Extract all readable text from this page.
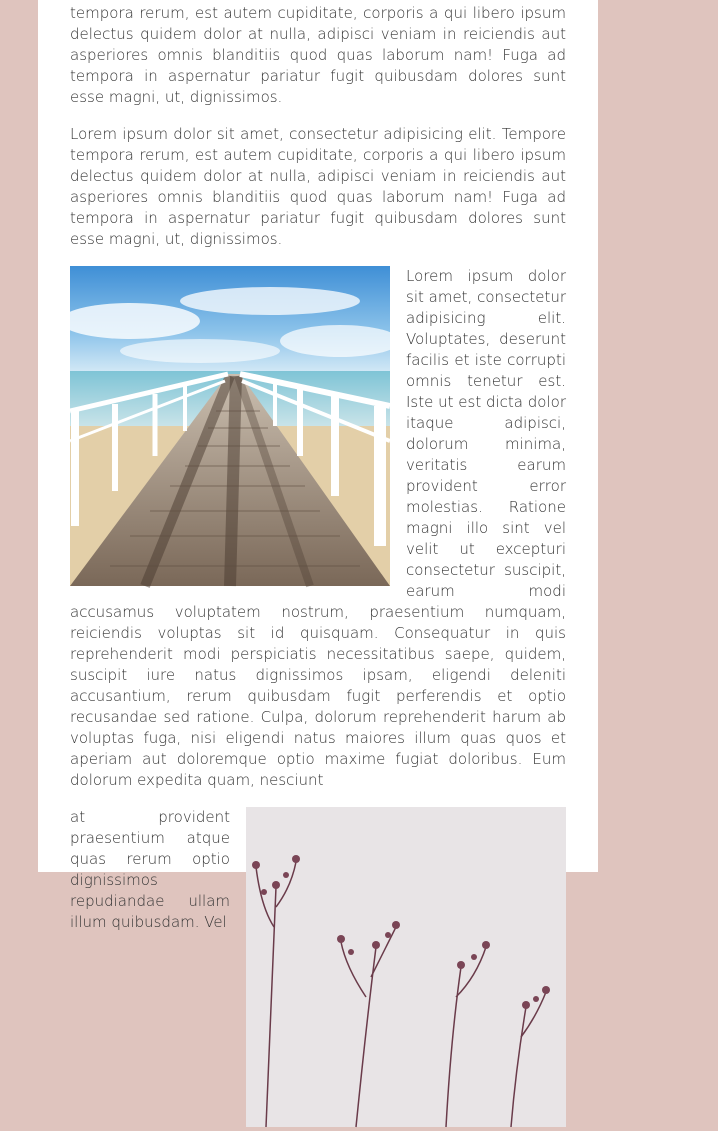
tempora rerum, est autem cupiditate, corporis a qui libero ipsum delectus quidem dolor at nulla, adipisci veniam in reiciendis aut asperiores omnis blanditiis quod quas laborum nam! Fuga ad tempora in aspernatur pariatur fugit quibusdam dolores sunt esse magni, ut, dignissimos.

Lorem ipsum dolor sit amet, consectetur adipisicing elit. Tempore tempora rerum, est autem cupiditate, corporis a qui libero ipsum delectus quidem dolor at nulla, adipisci veniam in reiciendis aut asperiores omnis blanditiis quod quas laborum nam! Fuga ad tempora in aspernatur pariatur fugit quibusdam dolores sunt esse magni, ut, dignissimos.

Lorem ipsum dolor sit amet, consectetur adipisicing elit. Voluptates, deserunt facilis et iste corrupti omnis tenetur est. Iste ut est dicta dolor itaque adipisci, dolorum minima, veritatis earum provident error molestias. Ratione magni illo sint vel velit ut excepturi consectetur suscipit, earum modi accusamus voluptatem nostrum, praesentium numquam, reiciendis voluptas sit id quisquam. Consequatur in quis reprehenderit modi perspiciatis necessitatibus saepe, quidem, suscipit iure natus dignissimos ipsam, eligendi deleniti accusantium, rerum quibusdam fugit perferendis et optio recusandae sed ratione. Culpa, dolorum reprehenderit harum ab voluptas fuga, nisi eligendi natus maiores illum quas quos et aperiam aut doloremque optio maxime fugiat doloribus. Eum dolorum expedita quam, nesciunt

at provident praesentium atque quas rerum optio dignissimos repudiandae ullam illum quibusdam. Vel
